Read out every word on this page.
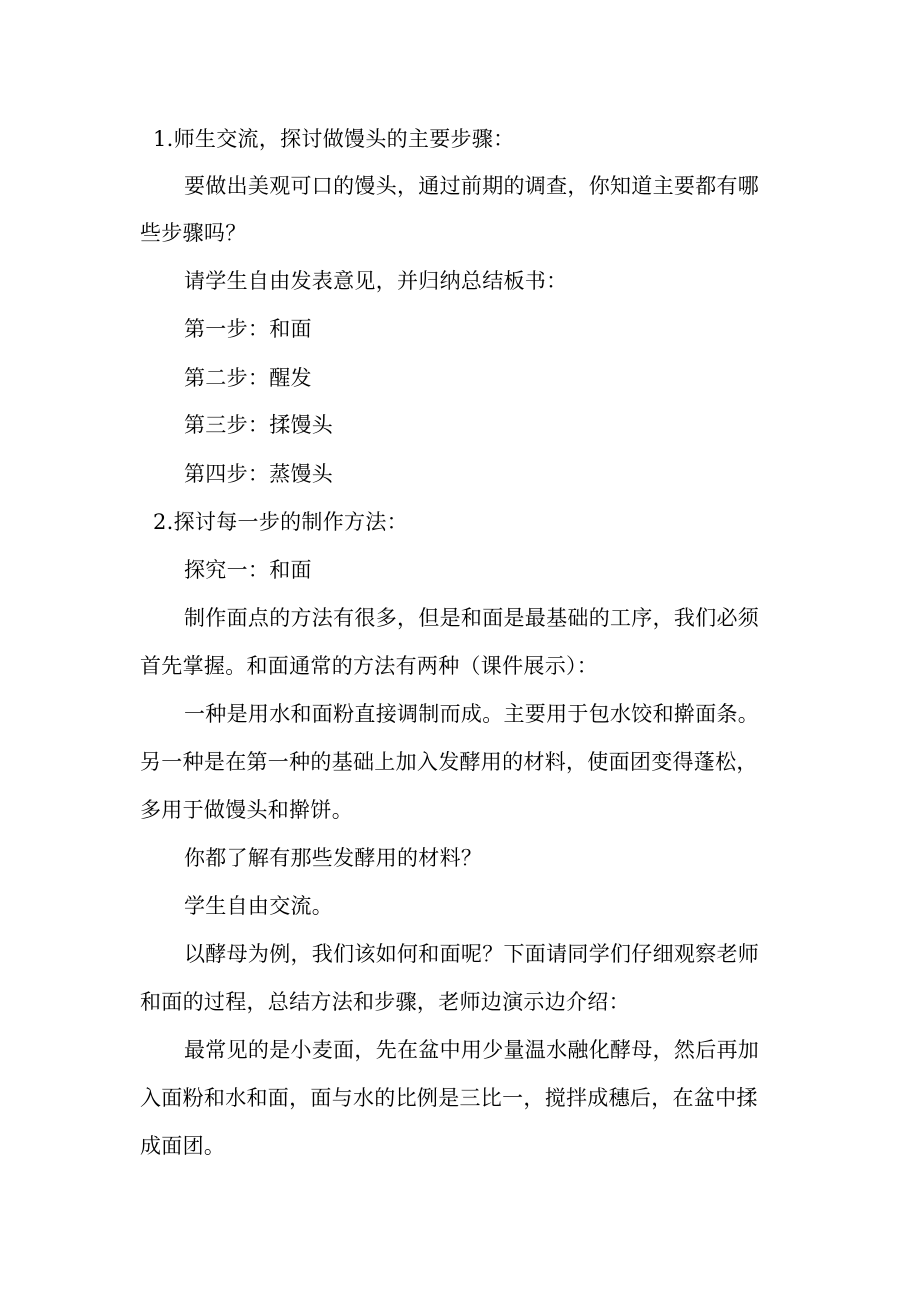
1.师生交流，探讨做馒头的主要步骤：
要做出美观可口的馒头，通过前期的调查，你知道主要都有哪
些步骤吗？
请学生自由发表意见，并归纳总结板书：
第一步：和面
第二步：醒发
第三步：揉馒头
第四步：蒸馒头
2.探讨每一步的制作方法：
探究一：和面
制作面点的方法有很多，但是和面是最基础的工序，我们必须
首先掌握。和面通常的方法有两种（课件展示）：
一种是用水和面粉直接调制而成。主要用于包水饺和擀面条。
另一种是在第一种的基础上加入发酵用的材料，使面团变得蓬松，
多用于做馒头和擀饼。
你都了解有那些发酵用的材料？
学生自由交流。
以酵母为例，我们该如何和面呢？下面请同学们仔细观察老师
和面的过程，总结方法和步骤，老师边演示边介绍：
最常见的是小麦面，先在盆中用少量温水融化酵母，然后再加
入面粉和水和面，面与水的比例是三比一，搅拌成穗后，在盆中揉
成面团。
